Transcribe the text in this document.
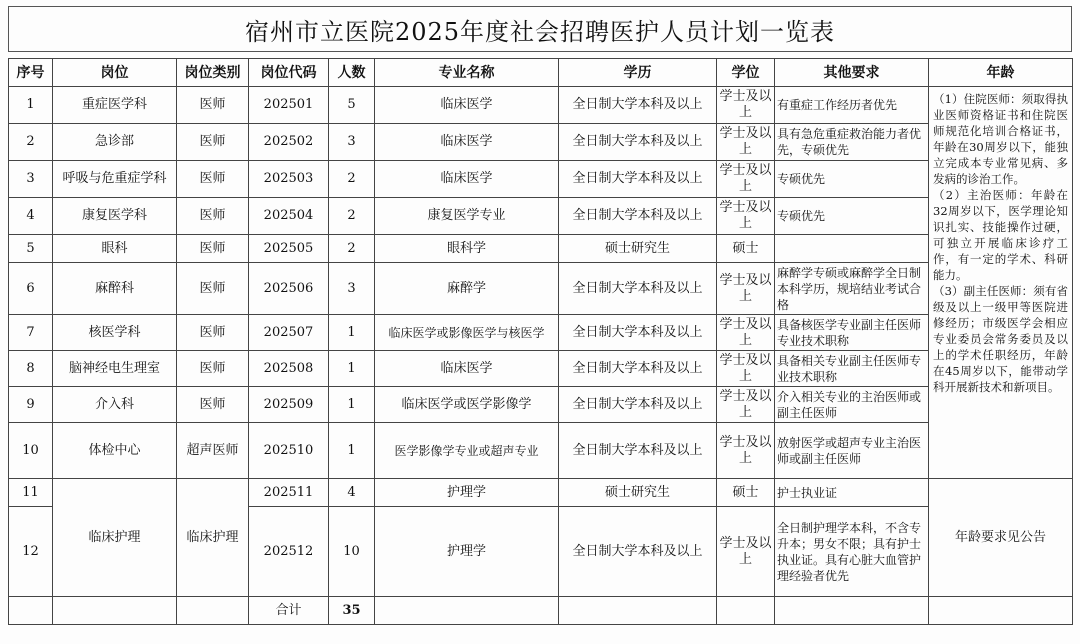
宿州市立医院2025年度社会招聘医护人员计划一览表
序号	岗位	岗位类别	岗位代码	人数	专业名称	学历	学位	其他要求	年龄
1	重症医学科	医师	202501	5	临床医学	全日制大学本科及以上	学士及以上	有重症工作经历者优先	（1）住院医师：须取得执业医师资格证书和住院医师规范化培训合格证书，年龄在30周岁以下，能独立完成本专业常见病、多发病的诊治工作。

（2）主治医师：年龄在32周岁以下，医学理论知识扎实、技能操作过硬，可独立开展临床诊疗工作，有一定的学术、科研能力。

（3）副主任医师：须有省级及以上一级甲等医院进修经历；市级医学会相应专业委员会常务委员及以上的学术任职经历，年龄在45周岁以下，能带动学科开展新技术和新项目。

2	急诊部	医师	202502	3	临床医学	全日制大学本科及以上	学士及以上	具有急危重症救治能力者优先，专硕优先	
3	呼吸与危重症学科	医师	202503	2	临床医学	全日制大学本科及以上	学士及以上	专硕优先	
4	康复医学科	医师	202504	2	康复医学专业	全日制大学本科及以上	学士及以上	专硕优先	
5	眼科	医师	202505	2	眼科学	硕士研究生	硕士		
6	麻醉科	医师	202506	3	麻醉学	全日制大学本科及以上	学士及以上	麻醉学专硕或麻醉学全日制本科学历，规培结业考试合格	
7	核医学科	医师	202507	1	临床医学或影像医学与核医学	全日制大学本科及以上	学士及以上	具备核医学专业副主任医师专业技术职称	
8	脑神经电生理室	医师	202508	1	临床医学	全日制大学本科及以上	学士及以上	具备相关专业副主任医师专业技术职称	
9	介入科	医师	202509	1	临床医学或医学影像学	全日制大学本科及以上	学士及以上	介入相关专业的主治医师或副主任医师	
10	体检中心	超声医师	202510	1	医学影像学专业或超声专业	全日制大学本科及以上	学士及以上	放射医学或超声专业主治医师或副主任医师	
11	临床护理	临床护理	202511	4	护理学	硕士研究生	硕士	护士执业证	年龄要求见公告
12			202512	10	护理学	全日制大学本科及以上	学士及以上	全日制护理学本科，不含专升本；男女不限；具有护士执业证。具有心脏大血管护理经验者优先	
			合计	35					
